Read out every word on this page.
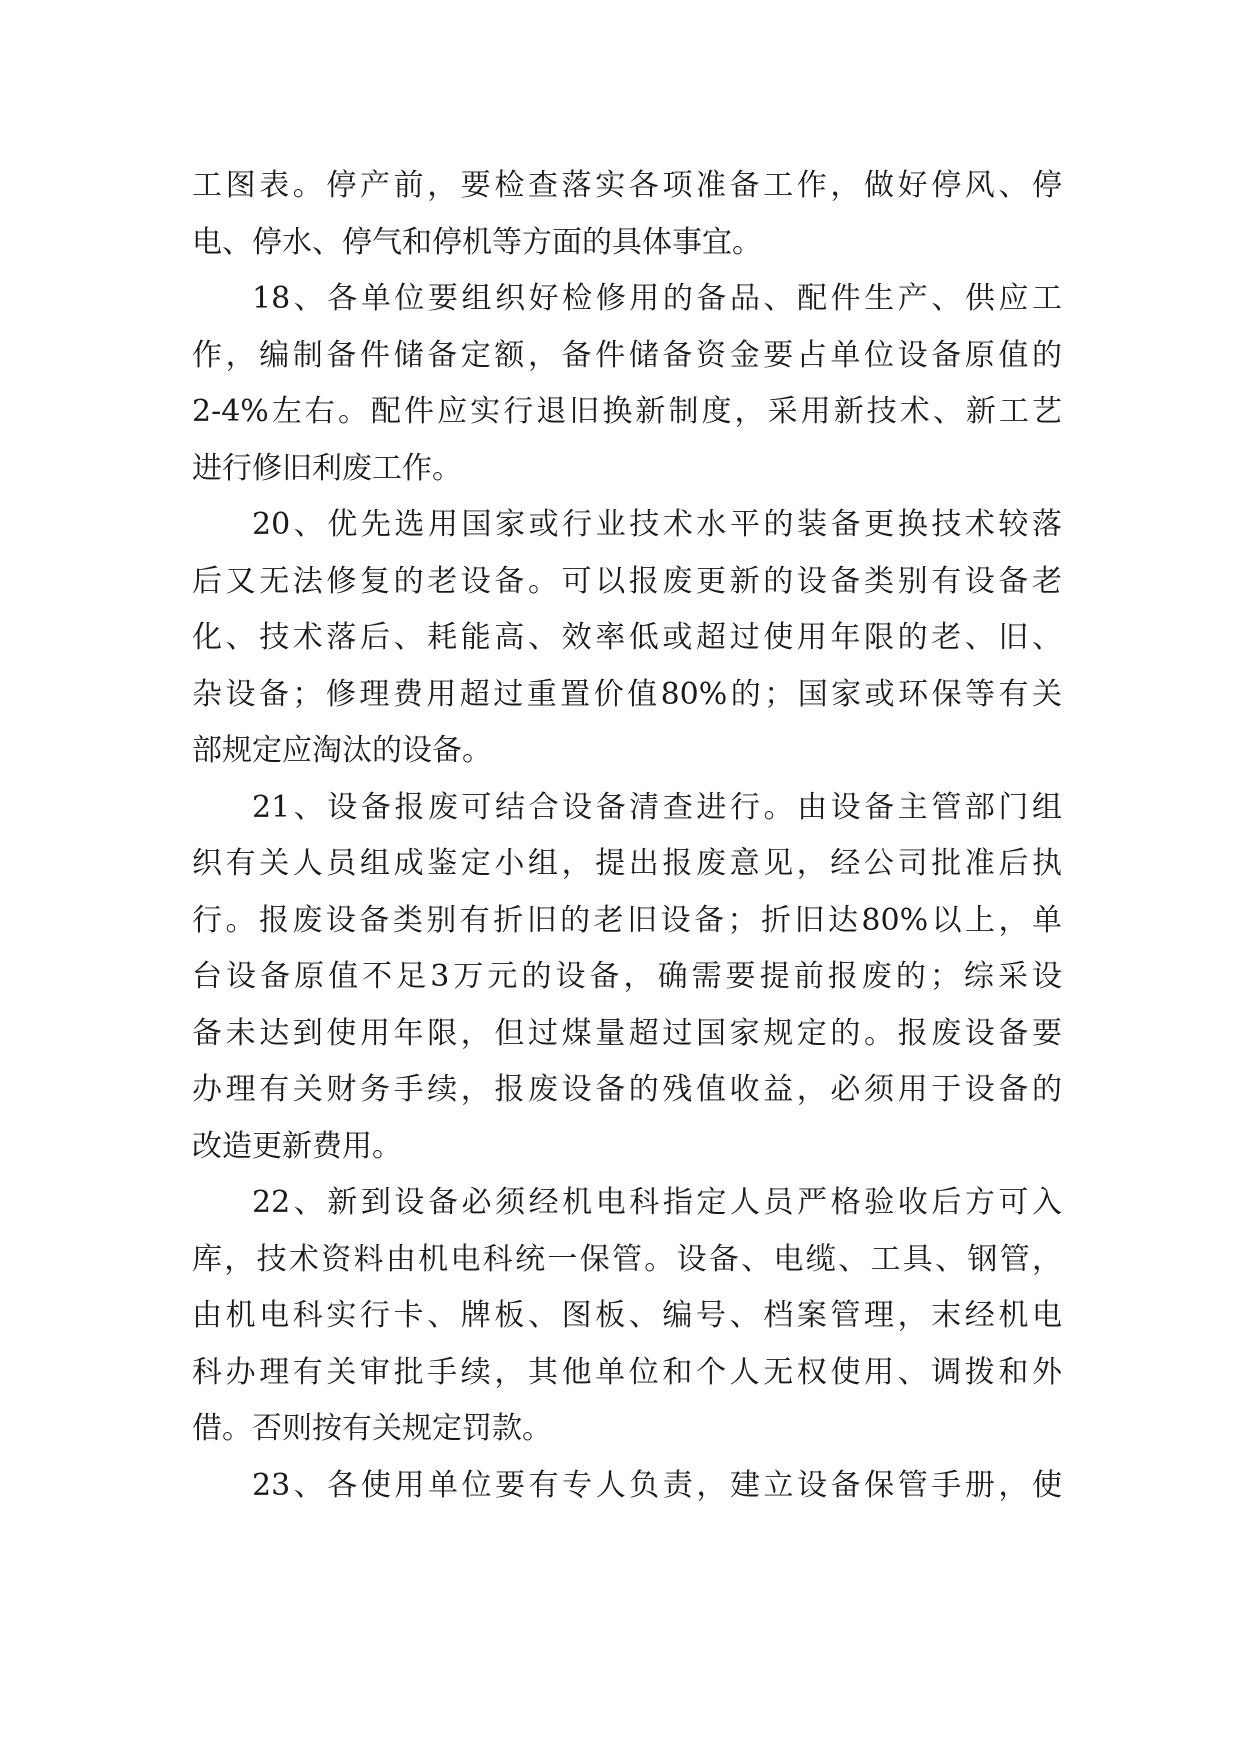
工图表。停产前，要检查落实各项准备工作，做好停风、停
电、停水、停气和停机等方面的具体事宜。
18、各单位要组织好检修用的备品、配件生产、供应工
作，编制备件储备定额，备件储备资金要占单位设备原值的
2-4%左右。配件应实行退旧换新制度，采用新技术、新工艺
进行修旧利废工作。
20、优先选用国家或行业技术水平的装备更换技术较落
后又无法修复的老设备。可以报废更新的设备类别有设备老
化、技术落后、耗能高、效率低或超过使用年限的老、旧、
杂设备；修理费用超过重置价值80%的；国家或环保等有关
部规定应淘汰的设备。
21、设备报废可结合设备清查进行。由设备主管部门组
织有关人员组成鉴定小组，提出报废意见，经公司批准后执
行。报废设备类别有折旧的老旧设备；折旧达80%以上，单
台设备原值不足3万元的设备，确需要提前报废的；综采设
备未达到使用年限，但过煤量超过国家规定的。报废设备要
办理有关财务手续，报废设备的残值收益，必须用于设备的
改造更新费用。
22、新到设备必须经机电科指定人员严格验收后方可入
库，技术资料由机电科统一保管。设备、电缆、工具、钢管，
由机电科实行卡、牌板、图板、编号、档案管理，末经机电
科办理有关审批手续，其他单位和个人无权使用、调拨和外
借。否则按有关规定罚款。
23、各使用单位要有专人负责，建立设备保管手册，使
